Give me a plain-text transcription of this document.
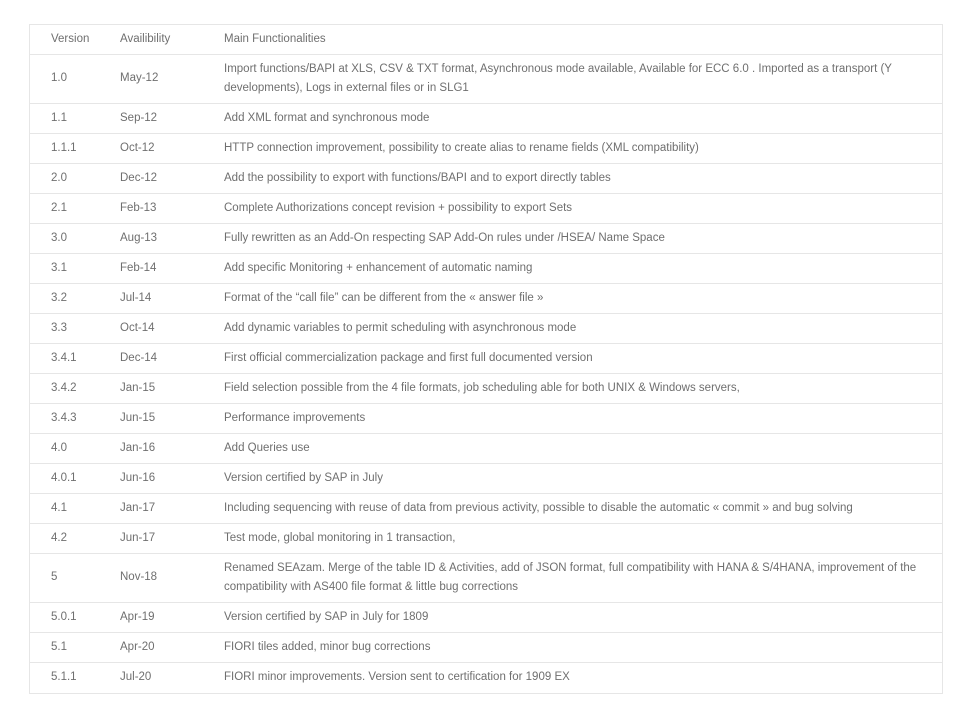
Version	Availibility	Main Functionalities
1.0	May-12	Import functions/BAPI at XLS, CSV & TXT format, Asynchronous mode available, Available for ECC 6.0 . Imported as a transport (Y developments), Logs in external files or in SLG1
1.1	Sep-12	Add XML format and synchronous mode
1.1.1	Oct-12	HTTP connection improvement, possibility to create alias to rename fields (XML compatibility)
2.0	Dec-12	Add the possibility to export with functions/BAPI and to export directly tables
2.1	Feb-13	Complete Authorizations concept revision + possibility to export Sets
3.0	Aug-13	Fully rewritten as an Add-On respecting SAP Add-On rules under /HSEA/ Name Space
3.1	Feb-14	Add specific Monitoring + enhancement of automatic naming
3.2	Jul-14	Format of the “call file” can be different from the « answer file »
3.3	Oct-14	Add dynamic variables to permit scheduling with asynchronous mode
3.4.1	Dec-14	First official commercialization package and first full documented version
3.4.2	Jan-15	Field selection possible from the 4 file formats, job scheduling able for both UNIX & Windows servers,
3.4.3	Jun-15	Performance improvements
4.0	Jan-16	Add Queries use
4.0.1	Jun-16	Version certified by SAP in July
4.1	Jan-17	Including sequencing with reuse of data from previous activity, possible to disable the automatic « commit » and bug solving
4.2	Jun-17	Test mode, global monitoring in 1 transaction,
5	Nov-18	Renamed SEAzam. Merge of the table ID & Activities, add of JSON format, full compatibility with HANA & S/4HANA, improvement of the compatibility with AS400 file format & little bug corrections
5.0.1	Apr-19	Version certified by SAP in July for 1809
5.1	Apr-20	FIORI tiles added, minor bug corrections
5.1.1	Jul-20	FIORI minor improvements. Version sent to certification for 1909 EX
